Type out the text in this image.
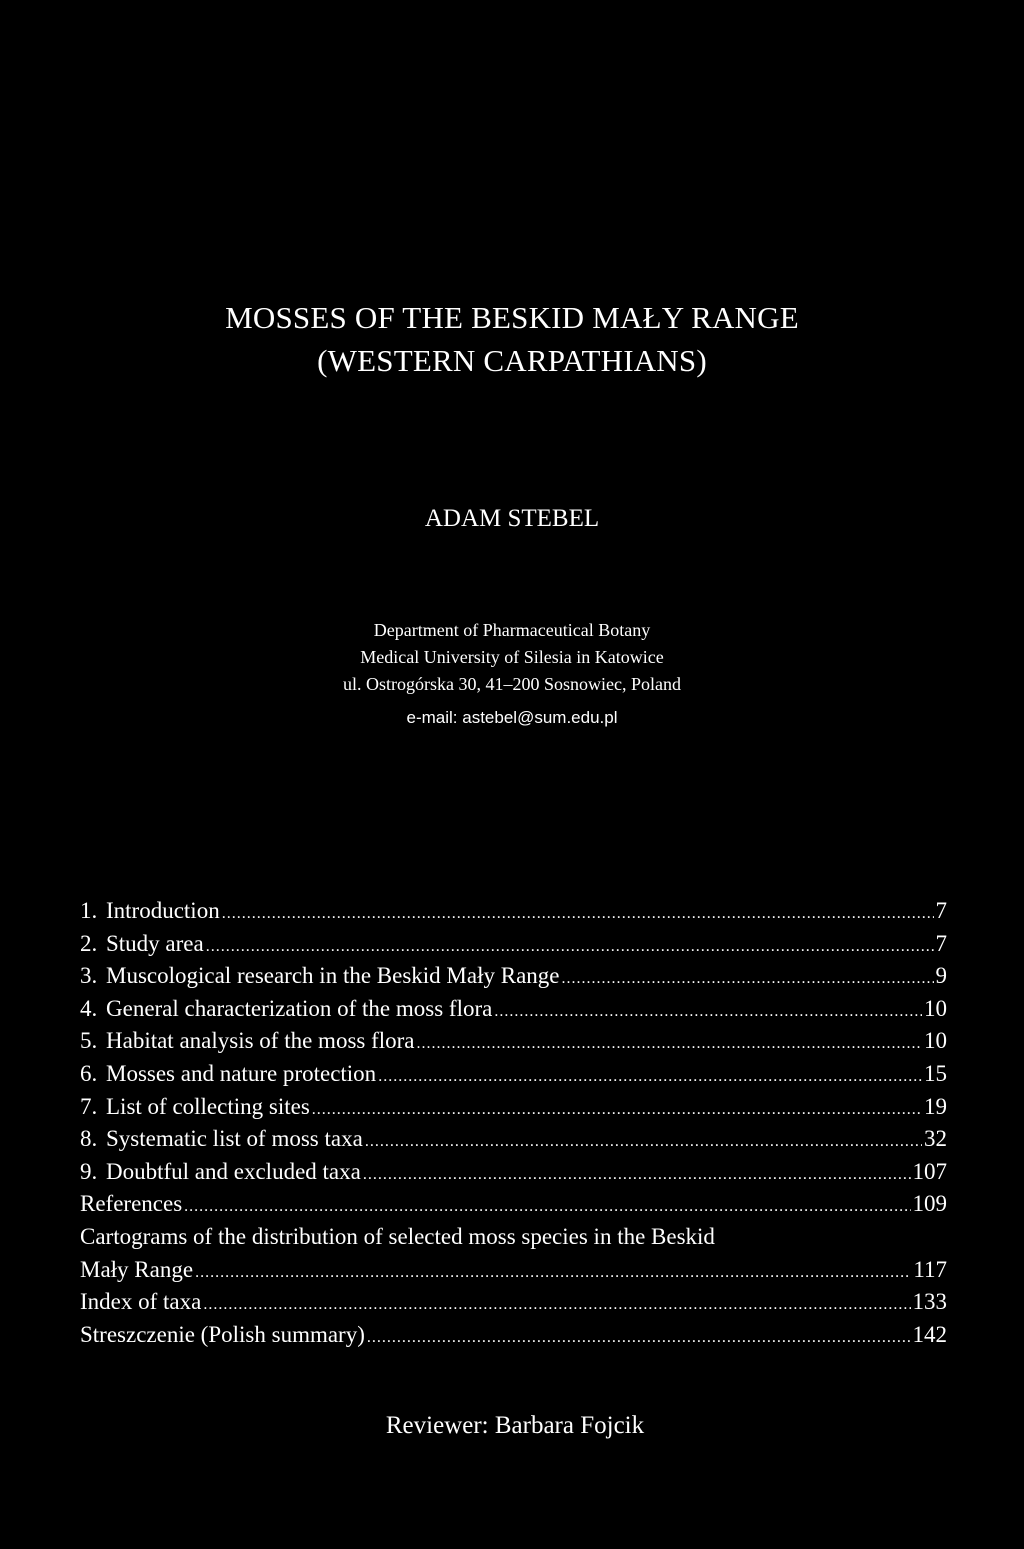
MOSSES OF THE BESKID MAŁY RANGE
(WESTERN CARPATHIANS)
ADAM STEBEL
Department of Pharmaceutical Botany
Medical University of Silesia in Katowice
ul. Ostrogórska 30, 41–200 Sosnowiec, Poland
e-mail: astebel@sum.edu.pl
1. Introduction .....	7
2. Study area .....	7
3. Muscological research in the Beskid Mały Range .....	9
4. General characterization of the moss flora .....	10
5. Habitat analysis of the moss flora .....	10
6. Mosses and nature protection .....	15
7. List of collecting sites .....	19
8. Systematic list of moss taxa .....	32
9. Doubtful and excluded taxa .....	107
References .....	109
Cartograms of the distribution of selected moss species in the Beskid
Mały Range .....	117
Index of taxa .....	133
Streszczenie (Polish summary) .....	142
Reviewer: Barbara Fojcik
